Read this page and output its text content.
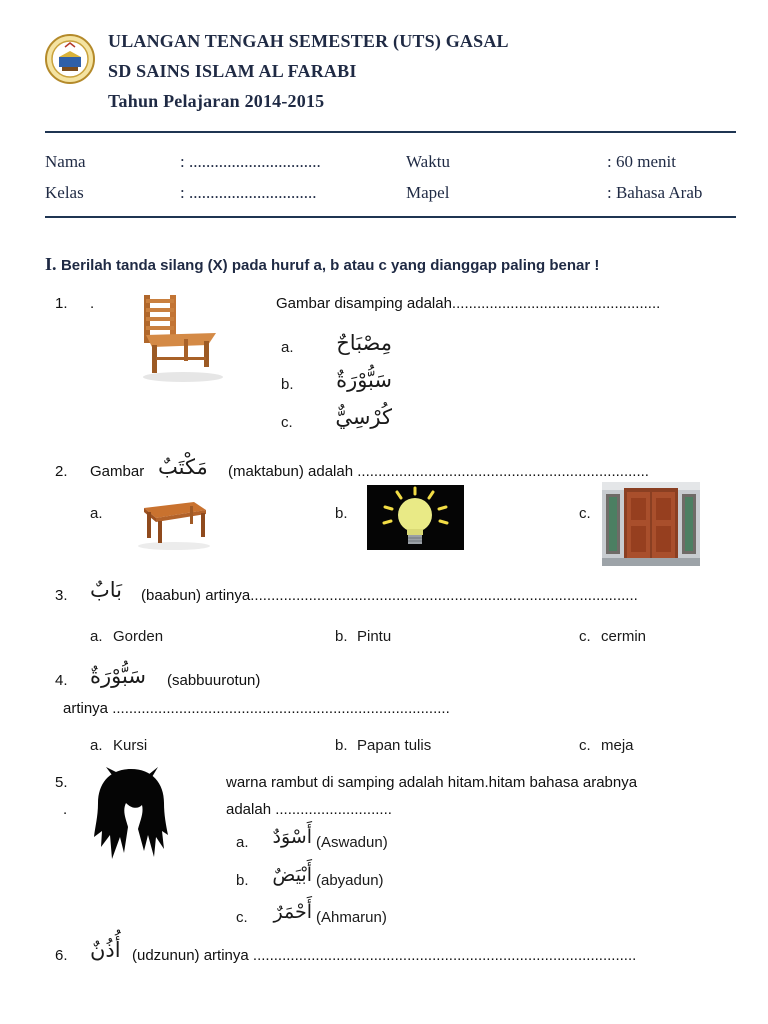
ULANGAN TENGAH SEMESTER (UTS) GASAL
SD SAINS ISLAM AL FARABI
Tahun Pelajaran 2014-2015
Nama	: ...............................	Waktu	: 60 menit
Kelas	: ..............................	Mapel	: Bahasa Arab
I. Berilah tanda silang (X) pada huruf a, b atau c yang dianggap paling benar !
1. .	Gambar disamping adalah..................................................
a.	مِصْبَاحٌ
b.	سَبُّوْرَةٌ
c.	كُرْسِيٌّ
2. Gambar مَكْتَبٌ (maktabun) adalah ......................................................................
a.	b.	c.
3. بَابٌ (baabun) artinya.............................................................................................
a. Gorden	b. Pintu	c. cermin
4. سَبُّوْرَةٌ (sabbuurotun)
artinya .................................................................................
a. Kursi	b. Papan tulis	c. meja
5.
.
warna rambut di samping adalah hitam.hitam bahasa arabnya
adalah ............................
a.	أَسْوَدٌ (Aswadun)
b.	أَبْيَضٌ (abyadun)
c.	أَحْمَرٌ (Ahmarun)
6. أُذُنٌ (udzunun) artinya ............................................................................................
